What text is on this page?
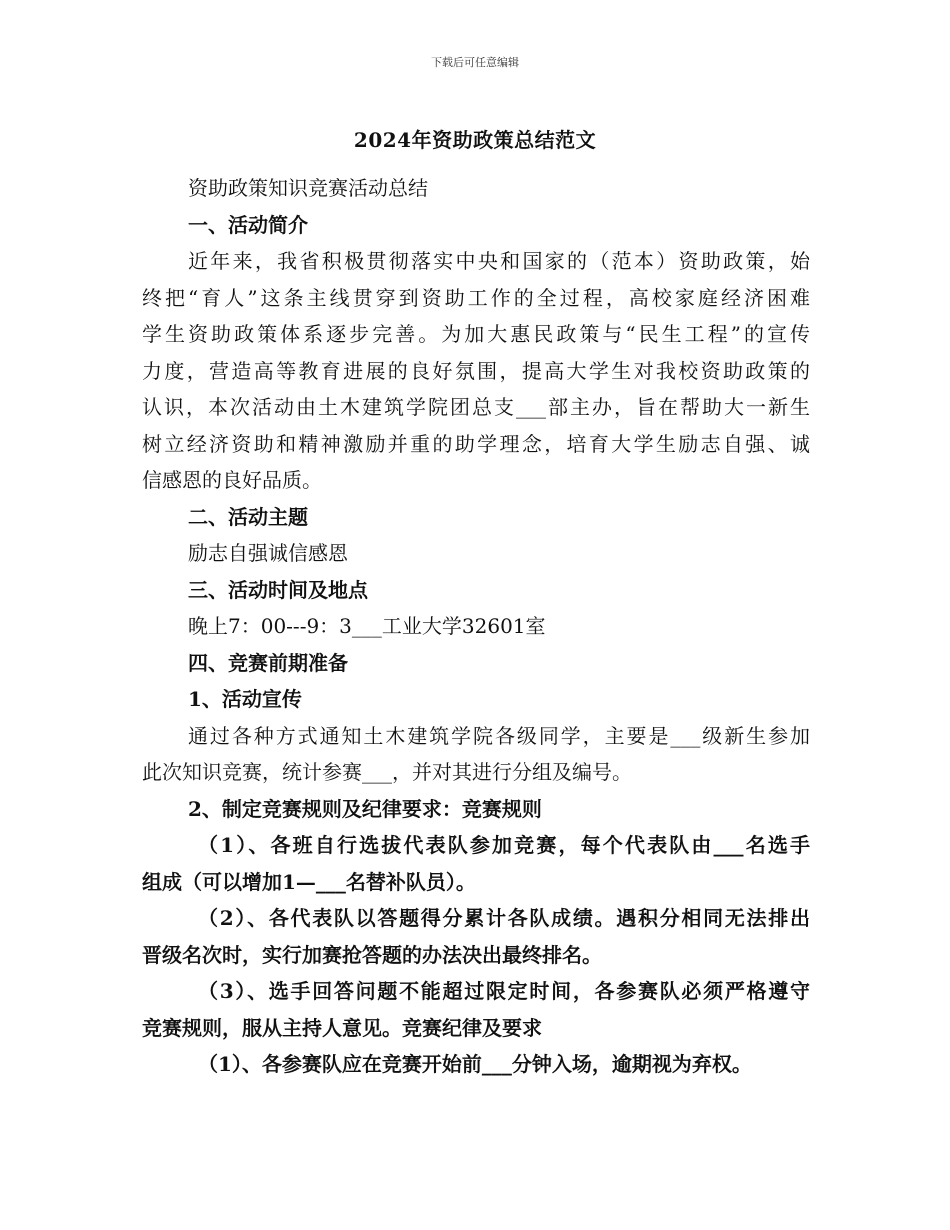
下载后可任意编辑
2024年资助政策总结范文
资助政策知识竞赛活动总结
一、活动简介
近年来，我省积极贯彻落实中央和国家的（范本）资助政策，始
终把“育人”这条主线贯穿到资助工作的全过程，高校家庭经济困难
学生资助政策体系逐步完善。为加大惠民政策与“民生工程”的宣传
力度，营造高等教育进展的良好氛围，提高大学生对我校资助政策的
认识，本次活动由土木建筑学院团总支___部主办，旨在帮助大一新生
树立经济资助和精神激励并重的助学理念，培育大学生励志自强、诚
信感恩的良好品质。
二、活动主题
励志自强诚信感恩
三、活动时间及地点
晚上7：00---9：3___工业大学32601室
四、竞赛前期准备
1、活动宣传
通过各种方式通知土木建筑学院各级同学，主要是___级新生参加
此次知识竞赛，统计参赛___，并对其进行分组及编号。
2、制定竞赛规则及纪律要求：竞赛规则
（1）、各班自行选拔代表队参加竞赛，每个代表队由___名选手
组成（可以增加1—___名替补队员）。
（2）、各代表队以答题得分累计各队成绩。遇积分相同无法排出
晋级名次时，实行加赛抢答题的办法决出最终排名。
（3）、选手回答问题不能超过限定时间，各参赛队必须严格遵守
竞赛规则，服从主持人意见。竞赛纪律及要求
（1）、各参赛队应在竞赛开始前___分钟入场，逾期视为弃权。
